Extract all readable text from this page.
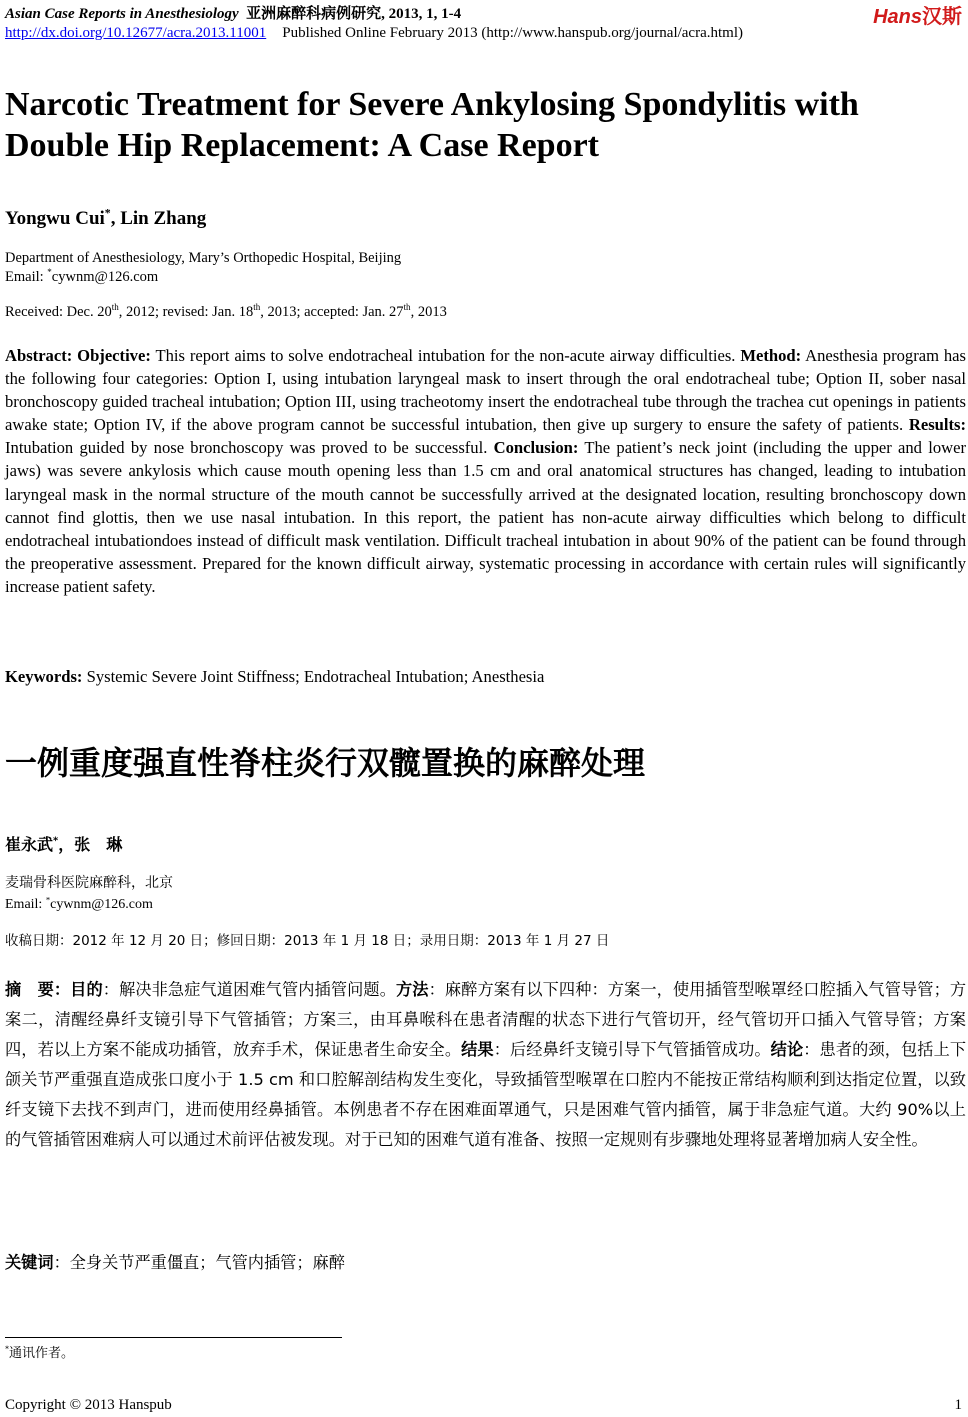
Asian Case Reports in Anesthesiology 亚洲麻醉科病例研究, 2013, 1, 1-4	Hans汉斯
http://dx.doi.org/10.12677/acra.2013.11001 Published Online February 2013 (http://www.hanspub.org/journal/acra.html)
Narcotic Treatment for Severe Ankylosing Spondylitis with Double Hip Replacement: A Case Report
Yongwu Cui*, Lin Zhang
Department of Anesthesiology, Mary’s Orthopedic Hospital, Beijing
Email: *cywnm@126.com
Received: Dec. 20th, 2012; revised: Jan. 18th, 2013; accepted: Jan. 27th, 2013

Abstract: Objective: This report aims to solve endotracheal intubation for the non-acute airway difficulties. Method: Anesthesia program has the following four categories: Option I, using intubation laryngeal mask to insert through the oral endotracheal tube; Option II, sober nasal bronchoscopy guided tracheal intubation; Option III, using tracheotomy insert the endotracheal tube through the trachea cut openings in patients awake state; Option IV, if the above program cannot be successful intubation, then give up surgery to ensure the safety of patients. Results: Intubation guided by nose bronchoscopy was proved to be successful. Conclusion: The patient’s neck joint (including the upper and lower jaws) was severe ankylosis which cause mouth opening less than 1.5 cm and oral anatomical structures has changed, leading to intubation laryngeal mask in the normal structure of the mouth cannot be successfully arrived at the designated location, resulting bronchoscopy down cannot find glottis, then we use nasal intubation. In this report, the patient has non-acute airway difficulties which belong to difficult endotracheal intubationdoes instead of difficult mask ventilation. Difficult tracheal intubation in about 90% of the patient can be found through the preoperative assessment. Prepared for the known difficult airway, systematic processing in accordance with certain rules will significantly increase patient safety.

Keywords: Systemic Severe Joint Stiffness; Endotracheal Intubation; Anesthesia
一例重度强直性脊柱炎行双髋置换的麻醉处理
崔永武*，张　琳
麦瑞骨科医院麻醉科，北京
Email: *cywnm@126.com
收稿日期：2012 年 12 月 20 日；修回日期：2013 年 1 月 18 日；录用日期：2013 年 1 月 27 日

摘　要：目的：解决非急症气道困难气管内插管问题。方法：麻醉方案有以下四种：方案一，使用插管型喉罩经口腔插入气管导管；方案二，清醒经鼻纤支镜引导下气管插管；方案三，由耳鼻喉科在患者清醒的状态下进行气管切开，经气管切开口插入气管导管；方案四，若以上方案不能成功插管，放弃手术，保证患者生命安全。结果：后经鼻纤支镜引导下气管插管成功。结论：患者的颈，包括上下颌关节严重强直造成张口度小于 1.5 cm 和口腔解剖结构发生变化，导致插管型喉罩在口腔内不能按正常结构顺利到达指定位置，以致纤支镜下去找不到声门，进而使用经鼻插管。本例患者不存在困难面罩通气，只是困难气管内插管，属于非急症气道。大约 90%以上的气管插管困难病人可以通过术前评估被发现。对于已知的困难气道有准备、按照一定规则有步骤地处理将显著增加病人安全性。

关键词：全身关节严重僵直；气管内插管；麻醉
*通讯作者。
Copyright © 2013 Hanspub	1
